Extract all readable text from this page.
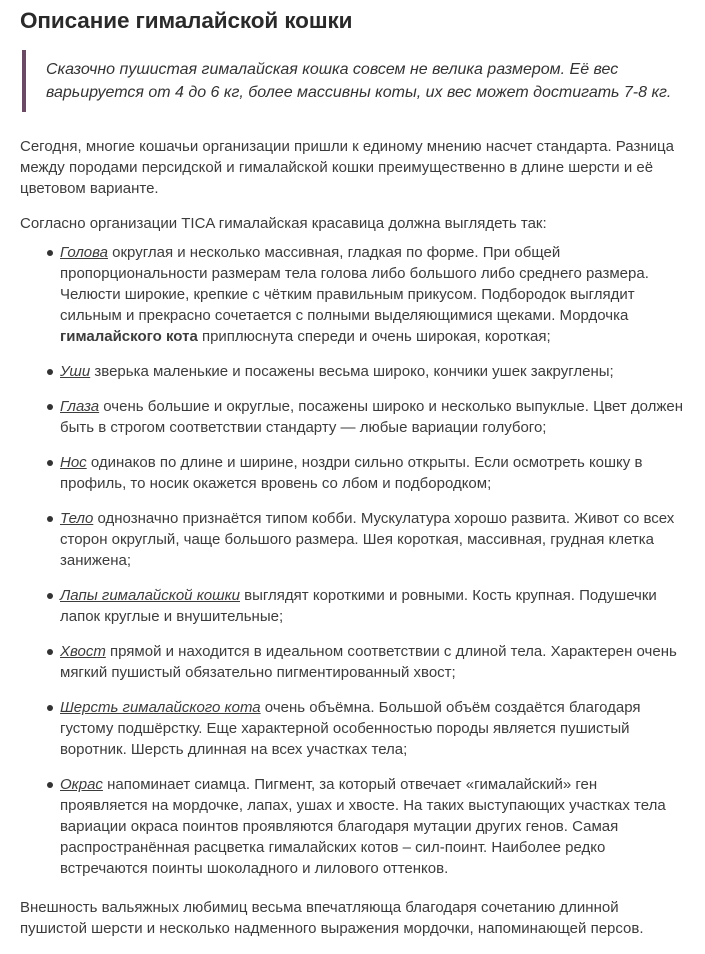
Описание гималайской кошки
Сказочно пушистая гималайская кошка совсем не велика размером. Её вес варьируется от 4 до 6 кг, более массивны коты, их вес может достигать 7-8 кг.

Сегодня, многие кошачьи организации пришли к единому мнению насчет стандарта. Разница между породами персидской и гималайской кошки преимущественно в длине шерсти и её цветовом варианте.

Согласно организации TICA гималайская красавица должна выглядеть так:

Голова округлая и несколько массивная, гладкая по форме. При общей пропорциональности размерам тела голова либо большого либо среднего размера. Челюсти широкие, крепкие с чётким правильным прикусом. Подбородок выглядит сильным и прекрасно сочетается с полными выделяющимися щеками. Мордочка гималайского кота приплюснута спереди и очень широкая, короткая;
Уши зверька маленькие и посажены весьма широко, кончики ушек закруглены;
Глаза очень большие и округлые, посажены широко и несколько выпуклые. Цвет должен быть в строгом соответствии стандарту — любые вариации голубого;
Нос одинаков по длине и ширине, ноздри сильно открыты. Если осмотреть кошку в профиль, то носик окажется вровень со лбом и подбородком;
Тело однозначно признаётся типом кобби. Мускулатура хорошо развита. Живот со всех сторон округлый, чаще большого размера. Шея короткая, массивная, грудная клетка занижена;
Лапы гималайской кошки выглядят короткими и ровными. Кость крупная. Подушечки лапок круглые и внушительные;
Хвост прямой и находится в идеальном соответствии с длиной тела. Характерен очень мягкий пушистый обязательно пигментированный хвост;
Шерсть гималайского кота очень объёмна. Большой объём создаётся благодаря густому подшёрстку. Еще характерной особенностью породы является пушистый воротник. Шерсть длинная на всех участках тела;
Окрас напоминает сиамца. Пигмент, за который отвечает «гималайский» ген проявляется на мордочке, лапах, ушах и хвосте. На таких выступающих участках тела вариации окраса поинтов проявляются благодаря мутации других генов. Самая распространённая расцветка гималайских котов – сил-поинт. Наиболее редко встречаются поинты шоколадного и лилового оттенков.

Внешность вальяжных любимиц весьма впечатляюща благодаря сочетанию длинной пушистой шерсти и несколько надменного выражения мордочки, напоминающей персов.
